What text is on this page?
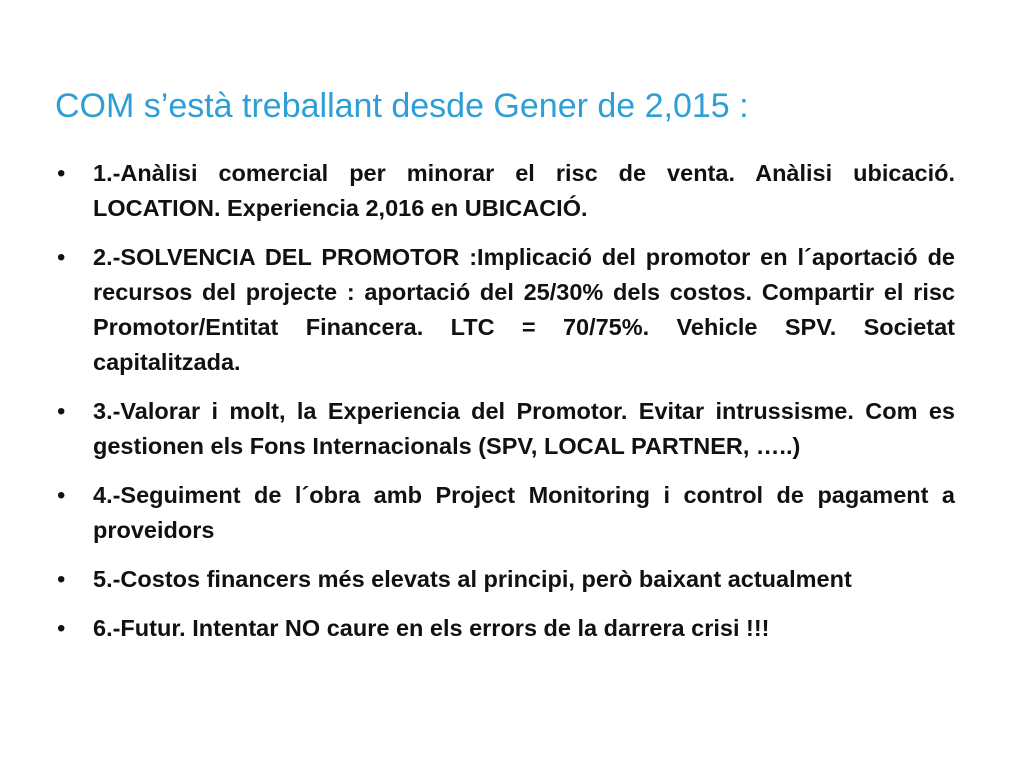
COM s’està treballant desde Gener de 2,015 :
• 1.-Anàlisi comercial per minorar el risc de venta. Anàlisi ubicació. LOCATION. Experiencia 2,016 en UBICACIÓ.
• 2.-SOLVENCIA DEL PROMOTOR :Implicació del promotor en l´aportació de recursos del projecte : aportació del 25/30% dels costos. Compartir el risc Promotor/Entitat Financera. LTC = 70/75%. Vehicle SPV. Societat capitalitzada.
• 3.-Valorar i molt, la Experiencia del Promotor. Evitar intrussisme. Com es gestionen els Fons Internacionals (SPV, LOCAL PARTNER, …..)
• 4.-Seguiment de l´obra amb Project Monitoring i control de pagament a proveidors
• 5.-Costos financers més elevats al principi, però baixant actualment
• 6.-Futur. Intentar NO caure en els errors de la darrera crisi !!!
